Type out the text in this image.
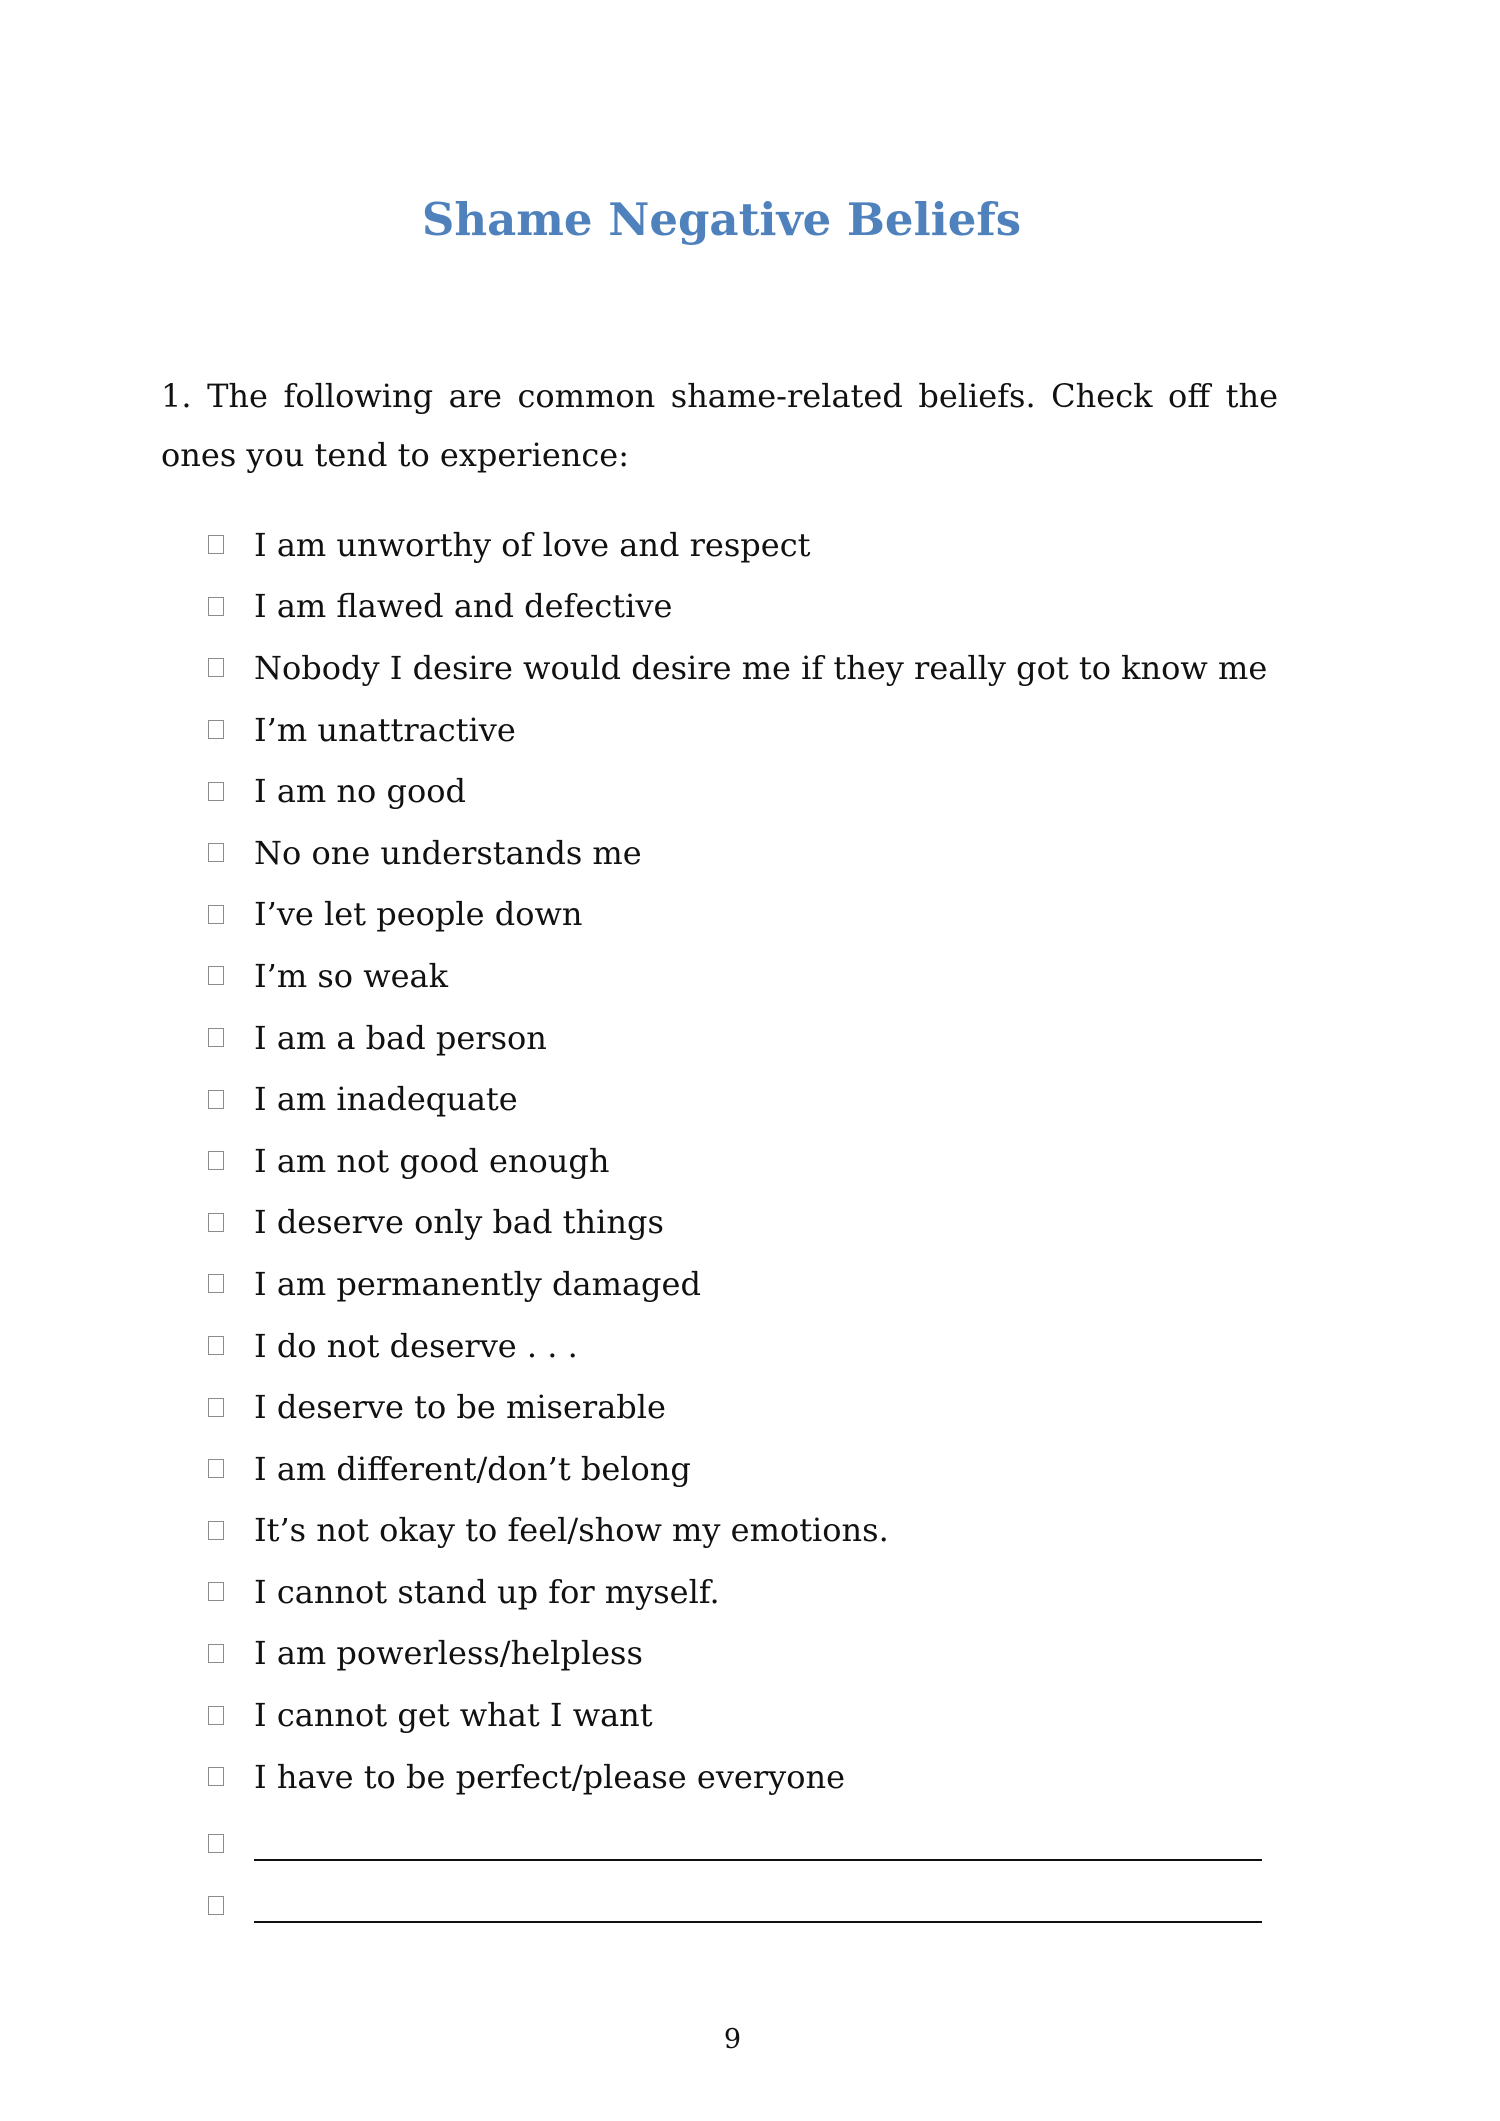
Shame Negative Beliefs

1. The following are common shame-related beliefs. Check off the ones you tend to experience:

I am unworthy of love and respect
I am flawed and defective
Nobody I desire would desire me if they really got to know me
I’m unattractive
I am no good
No one understands me
I’ve let people down
I’m so weak
I am a bad person
I am inadequate
I am not good enough
I deserve only bad things
I am permanently damaged
I do not deserve . . .
I deserve to be miserable
I am different/don’t belong
It’s not okay to feel/show my emotions.
I cannot stand up for myself.
I am powerless/helpless
I cannot get what I want
I have to be perfect/please everyone
9
